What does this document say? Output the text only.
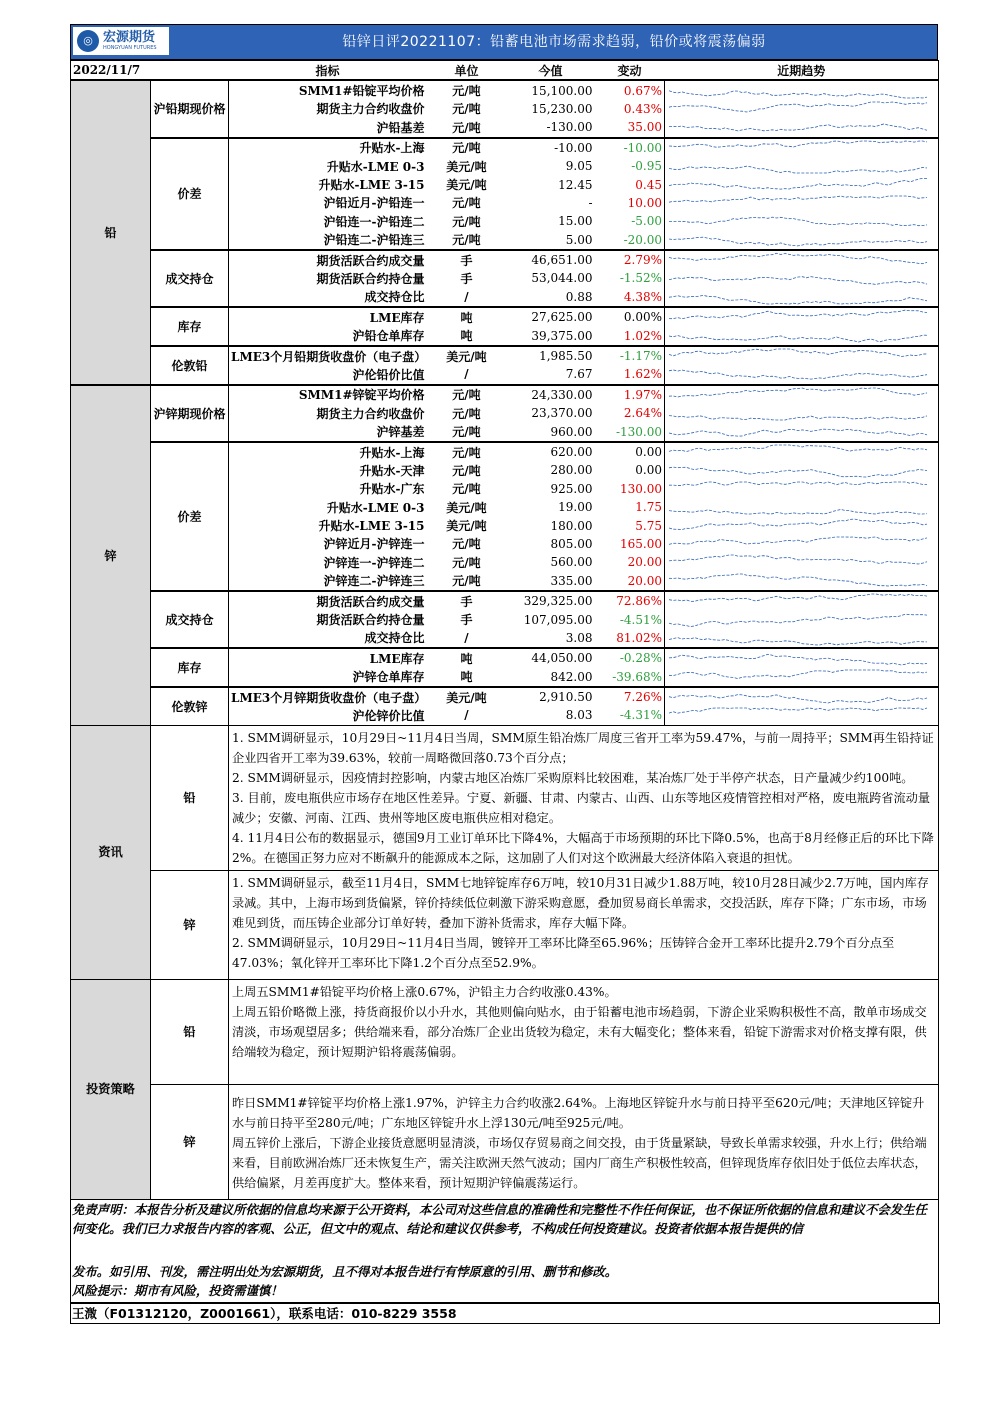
◎ 宏源期货
HONGYUAN FUTURES	铅锌日评20221107：铅蓄电池市场需求趋弱，铅价或将震荡偏弱
2022/11/7		指标	单位	今值	变动	近期趋势
铅	沪铅期现价格	SMM1#铅锭平均价格	元/吨	15,100.00	0.67%	

		期货主力合约收盘价	元/吨	15,230.00	0.43%	

		沪铅基差	元/吨	-130.00	35.00	

	价差	升贴水-上海	元/吨	-10.00	-10.00	

		升贴水-LME 0-3	美元/吨	9.05	-0.95	

		升贴水-LME 3-15	美元/吨	12.45	0.45	

		沪铅近月-沪铅连一	元/吨	-	10.00	

		沪铅连一-沪铅连二	元/吨	15.00	-5.00	

		沪铅连二-沪铅连三	元/吨	5.00	-20.00	

	成交持仓	期货活跃合约成交量	手	46,651.00	2.79%	

		期货活跃合约持仓量	手	53,044.00	-1.52%	

		成交持仓比	/	0.88	4.38%	

	库存	LME库存	吨	27,625.00	0.00%	

		沪铅仓单库存	吨	39,375.00	1.02%	

	伦敦铅	LME3个月铅期货收盘价（电子盘）	美元/吨	1,985.50	-1.17%	

		沪伦铅价比值	/	7.67	1.62%	

锌	沪锌期现价格	SMM1#锌锭平均价格	元/吨	24,330.00	1.97%	

		期货主力合约收盘价	元/吨	23,370.00	2.64%	

		沪锌基差	元/吨	960.00	-130.00	

	价差	升贴水-上海	元/吨	620.00	0.00	

		升贴水-天津	元/吨	280.00	0.00	

		升贴水-广东	元/吨	925.00	130.00	

		升贴水-LME 0-3	美元/吨	19.00	1.75	

		升贴水-LME 3-15	美元/吨	180.00	5.75	

		沪锌近月-沪锌连一	元/吨	805.00	165.00	

		沪锌连一-沪锌连二	元/吨	560.00	20.00	

		沪锌连二-沪锌连三	元/吨	335.00	20.00	

	成交持仓	期货活跃合约成交量	手	329,325.00	72.86%	

		期货活跃合约持仓量	手	107,095.00	-4.51%	

		成交持仓比	/	3.08	81.02%	

	库存	LME库存	吨	44,050.00	-0.28%	

		沪锌仓单库存	吨	842.00	-39.68%	

	伦敦锌	LME3个月锌期货收盘价（电子盘）	美元/吨	2,910.50	7.26%	

		沪伦锌价比值	/	8.03	-4.31%	
资讯	铅	1. SMM调研显示，10月29日~11月4日当周，SMM原生铅冶炼厂周度三省开工率为59.47%，与前一周持平；SMM再生铅持证企业四省开工率为39.63%，较前一周略微回落0.73个百分点；
2. SMM调研显示，因疫情封控影响，内蒙古地区冶炼厂采购原料比较困难，某冶炼厂处于半停产状态，日产量减少约100吨。
3. 目前，废电瓶供应市场存在地区性差异。宁夏、新疆、甘肃、内蒙古、山西、山东等地区疫情管控相对严格，废电瓶跨省流动量减少；安徽、河南、江西、贵州等地区废电瓶供应相对稳定。
4. 11月4日公布的数据显示，德国9月工业订单环比下降4%，大幅高于市场预期的环比下降0.5%，也高于8月经修正后的环比下降2%。在德国正努力应对不断飙升的能源成本之际，这加剧了人们对这个欧洲最大经济体陷入衰退的担忧。

	锌	1. SMM调研显示，截至11月4日，SMM七地锌锭库存6万吨，较10月31日减少1.88万吨，较10月28日减少2.7万吨，国内库存录减。其中，上海市场到货偏紧，锌价持续低位刺激下游采购意愿，叠加贸易商长单需求，交投活跃，库存下降；广东市场，市场难见到货，而压铸企业部分订单好转，叠加下游补货需求，库存大幅下降。
2. SMM调研显示，10月29日~11月4日当周，镀锌开工率环比降至65.96%；压铸锌合金开工率环比提升2.79个百分点至47.03%；氧化锌开工率环比下降1.2个百分点至52.9%。

投资策略	铅	上周五SMM1#铅锭平均价格上涨0.67%，沪铅主力合约收涨0.43%。
上周五铅价略微上涨，持货商报价以小升水，其他则偏向贴水，由于铅蓄电池市场趋弱，下游企业采购积极性不高，散单市场成交清淡，市场观望居多；供给端来看，部分冶炼厂企业出货较为稳定，未有大幅变化；整体来看，铅锭下游需求对价格支撑有限，供给端较为稳定，预计短期沪铅将震荡偏弱。

	锌	昨日SMM1#锌锭平均价格上涨1.97%，沪锌主力合约收涨2.64%。上海地区锌锭升水与前日持平至620元/吨；天津地区锌锭升水与前日持平至280元/吨；广东地区锌锭升水上浮130元/吨至925元/吨。
周五锌价上涨后，下游企业接货意愿明显清淡，市场仅存贸易商之间交投，由于货量紧缺，导致长单需求较强，升水上行；供给端来看，目前欧洲冶炼厂还未恢复生产，需关注欧洲天然气波动；国内厂商生产积极性较高，但锌现货库存依旧处于低位去库状态，供给偏紧，月差再度扩大。整体来看，预计短期沪锌偏震荡运行。

免责声明：本报告分析及建议所依据的信息均来源于公开资料，本公司对这些信息的准确性和完整性不作任何保证，也不保证所依据的信息和建议不会发生任何变化。我们已力求报告内容的客观、公正，但文中的观点、结论和建议仅供参考，不构成任何投资建议。投资者依据本报告提供的信

发布。如引用、刊发，需注明出处为宏源期货，且不得对本报告进行有悖原意的引用、删节和修改。

风险提示：期市有风险，投资需谨慎！

王溦（F01312120，Z0001661），联系电话：010-8229 3558
